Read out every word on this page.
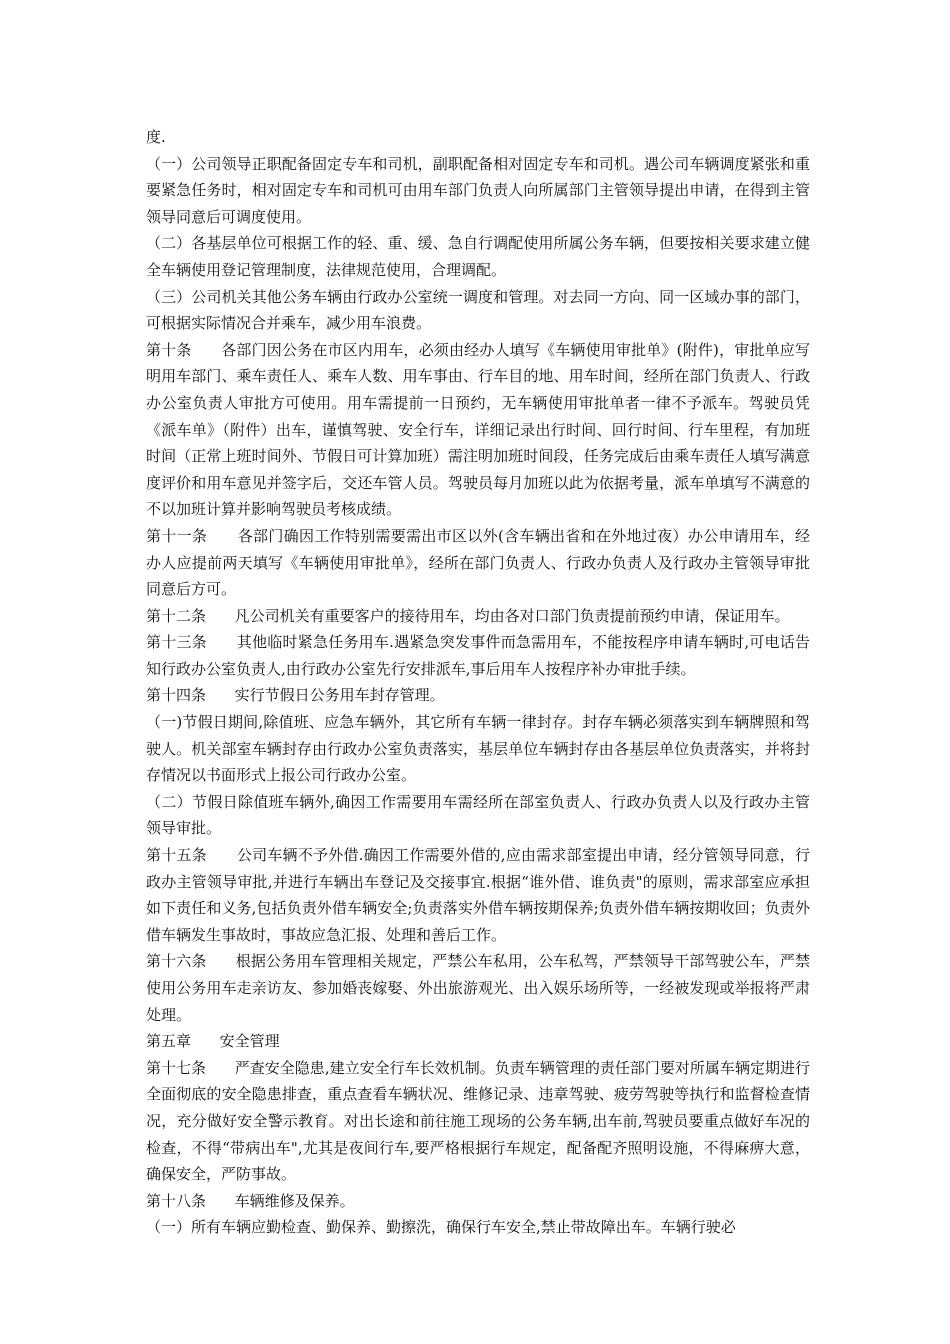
度.

（一）公司领导正职配备固定专车和司机，副职配备相对固定专车和司机。遇公司车辆调度紧张和重要紧急任务时，相对固定专车和司机可由用车部门负责人向所属部门主管领导提出申请，在得到主管领导同意后可调度使用。

（二）各基层单位可根据工作的轻、重、缓、急自行调配使用所属公务车辆，但要按相关要求建立健全车辆使用登记管理制度，法律规范使用，合理调配。

（三）公司机关其他公务车辆由行政办公室统一调度和管理。对去同一方向、同一区域办事的部门，可根据实际情况合并乘车，减少用车浪费。

第十条 各部门因公务在市区内用车，必须由经办人填写《车辆使用审批单》(附件)，审批单应写明用车部门、乘车责任人、乘车人数、用车事由、行车目的地、用车时间，经所在部门负责人、行政办公室负责人审批方可使用。用车需提前一日预约，无车辆使用审批单者一律不予派车。驾驶员凭《派车单》（附件）出车，谨慎驾驶、安全行车，详细记录出行时间、回行时间、行车里程，有加班时间（正常上班时间外、节假日可计算加班）需注明加班时间段，任务完成后由乘车责任人填写满意度评价和用车意见并签字后，交还车管人员。驾驶员每月加班以此为依据考量，派车单填写不满意的不以加班计算并影响驾驶员考核成绩。

第十一条 各部门确因工作特别需要需出市区以外(含车辆出省和在外地过夜）办公申请用车，经办人应提前两天填写《车辆使用审批单》，经所在部门负责人、行政办负责人及行政办主管领导审批同意后方可。

第十二条 凡公司机关有重要客户的接待用车，均由各对口部门负责提前预约申请，保证用车。

第十三条 其他临时紧急任务用车.遇紧急突发事件而急需用车，不能按程序申请车辆时,可电话告知行政办公室负责人,由行政办公室先行安排派车,事后用车人按程序补办审批手续。

第十四条 实行节假日公务用车封存管理。

（一)节假日期间,除值班、应急车辆外，其它所有车辆一律封存。封存车辆必须落实到车辆牌照和驾驶人。机关部室车辆封存由行政办公室负责落实，基层单位车辆封存由各基层单位负责落实，并将封存情况以书面形式上报公司行政办公室。

（二）节假日除值班车辆外,确因工作需要用车需经所在部室负责人、行政办负责人以及行政办主管领导审批。

第十五条 公司车辆不予外借.确因工作需要外借的,应由需求部室提出申请，经分管领导同意，行政办主管领导审批,并进行车辆出车登记及交接事宜.根据“谁外借、谁负责"的原则，需求部室应承担如下责任和义务,包括负责外借车辆安全;负责落实外借车辆按期保养;负责外借车辆按期收回；负责外借车辆发生事故时，事故应急汇报、处理和善后工作。

第十六条 根据公务用车管理相关规定，严禁公车私用，公车私驾，严禁领导干部驾驶公车，严禁使用公务用车走亲访友、参加婚丧嫁娶、外出旅游观光、出入娱乐场所等，一经被发现或举报将严肃处理。

第五章 安全管理

第十七条 严查安全隐患,建立安全行车长效机制。负责车辆管理的责任部门要对所属车辆定期进行全面彻底的安全隐患排查，重点查看车辆状况、维修记录、违章驾驶、疲劳驾驶等执行和监督检查情况，充分做好安全警示教育。对出长途和前往施工现场的公务车辆,出车前,驾驶员要重点做好车况的检查，不得“带病出车",尤其是夜间行车,要严格根据行车规定，配备配齐照明设施，不得麻痹大意，确保安全，严防事故。

第十八条 车辆维修及保养。

（一）所有车辆应勤检查、勤保养、勤擦洗，确保行车安全,禁止带故障出车。车辆行驶必
